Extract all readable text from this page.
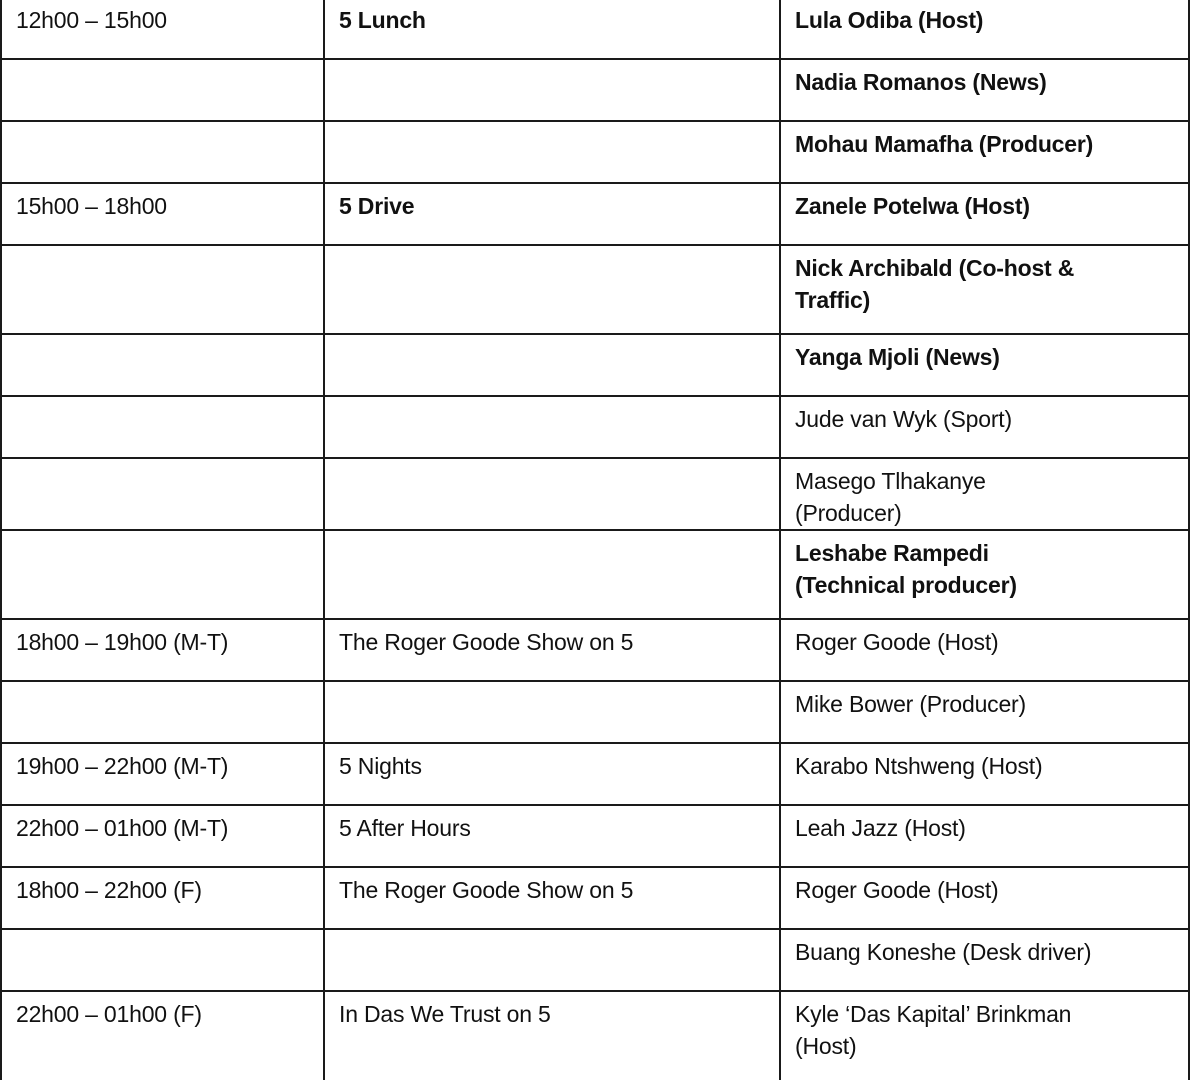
12h00 – 15h00	5 Lunch	Lula Odiba (Host)
		Nadia Romanos (News)
		Mohau Mamafha (Producer)
15h00 – 18h00	5 Drive	Zanele Potelwa (Host)
		Nick Archibald (Co-host & Traffic)
		Yanga Mjoli (News)
		Jude van Wyk (Sport)
		Masego Tlhakanye (Producer)
		Leshabe Rampedi (Technical producer)
18h00 – 19h00 (M-T)	The Roger Goode Show on 5	Roger Goode (Host)
		Mike Bower (Producer)
19h00 – 22h00 (M-T)	5 Nights	Karabo Ntshweng (Host)
22h00 – 01h00 (M-T)	5 After Hours	Leah Jazz (Host)
18h00 – 22h00 (F)	The Roger Goode Show on 5	Roger Goode (Host)
		Buang Koneshe (Desk driver)
22h00 – 01h00 (F)	In Das We Trust on 5	Kyle ‘Das Kapital’ Brinkman (Host)
